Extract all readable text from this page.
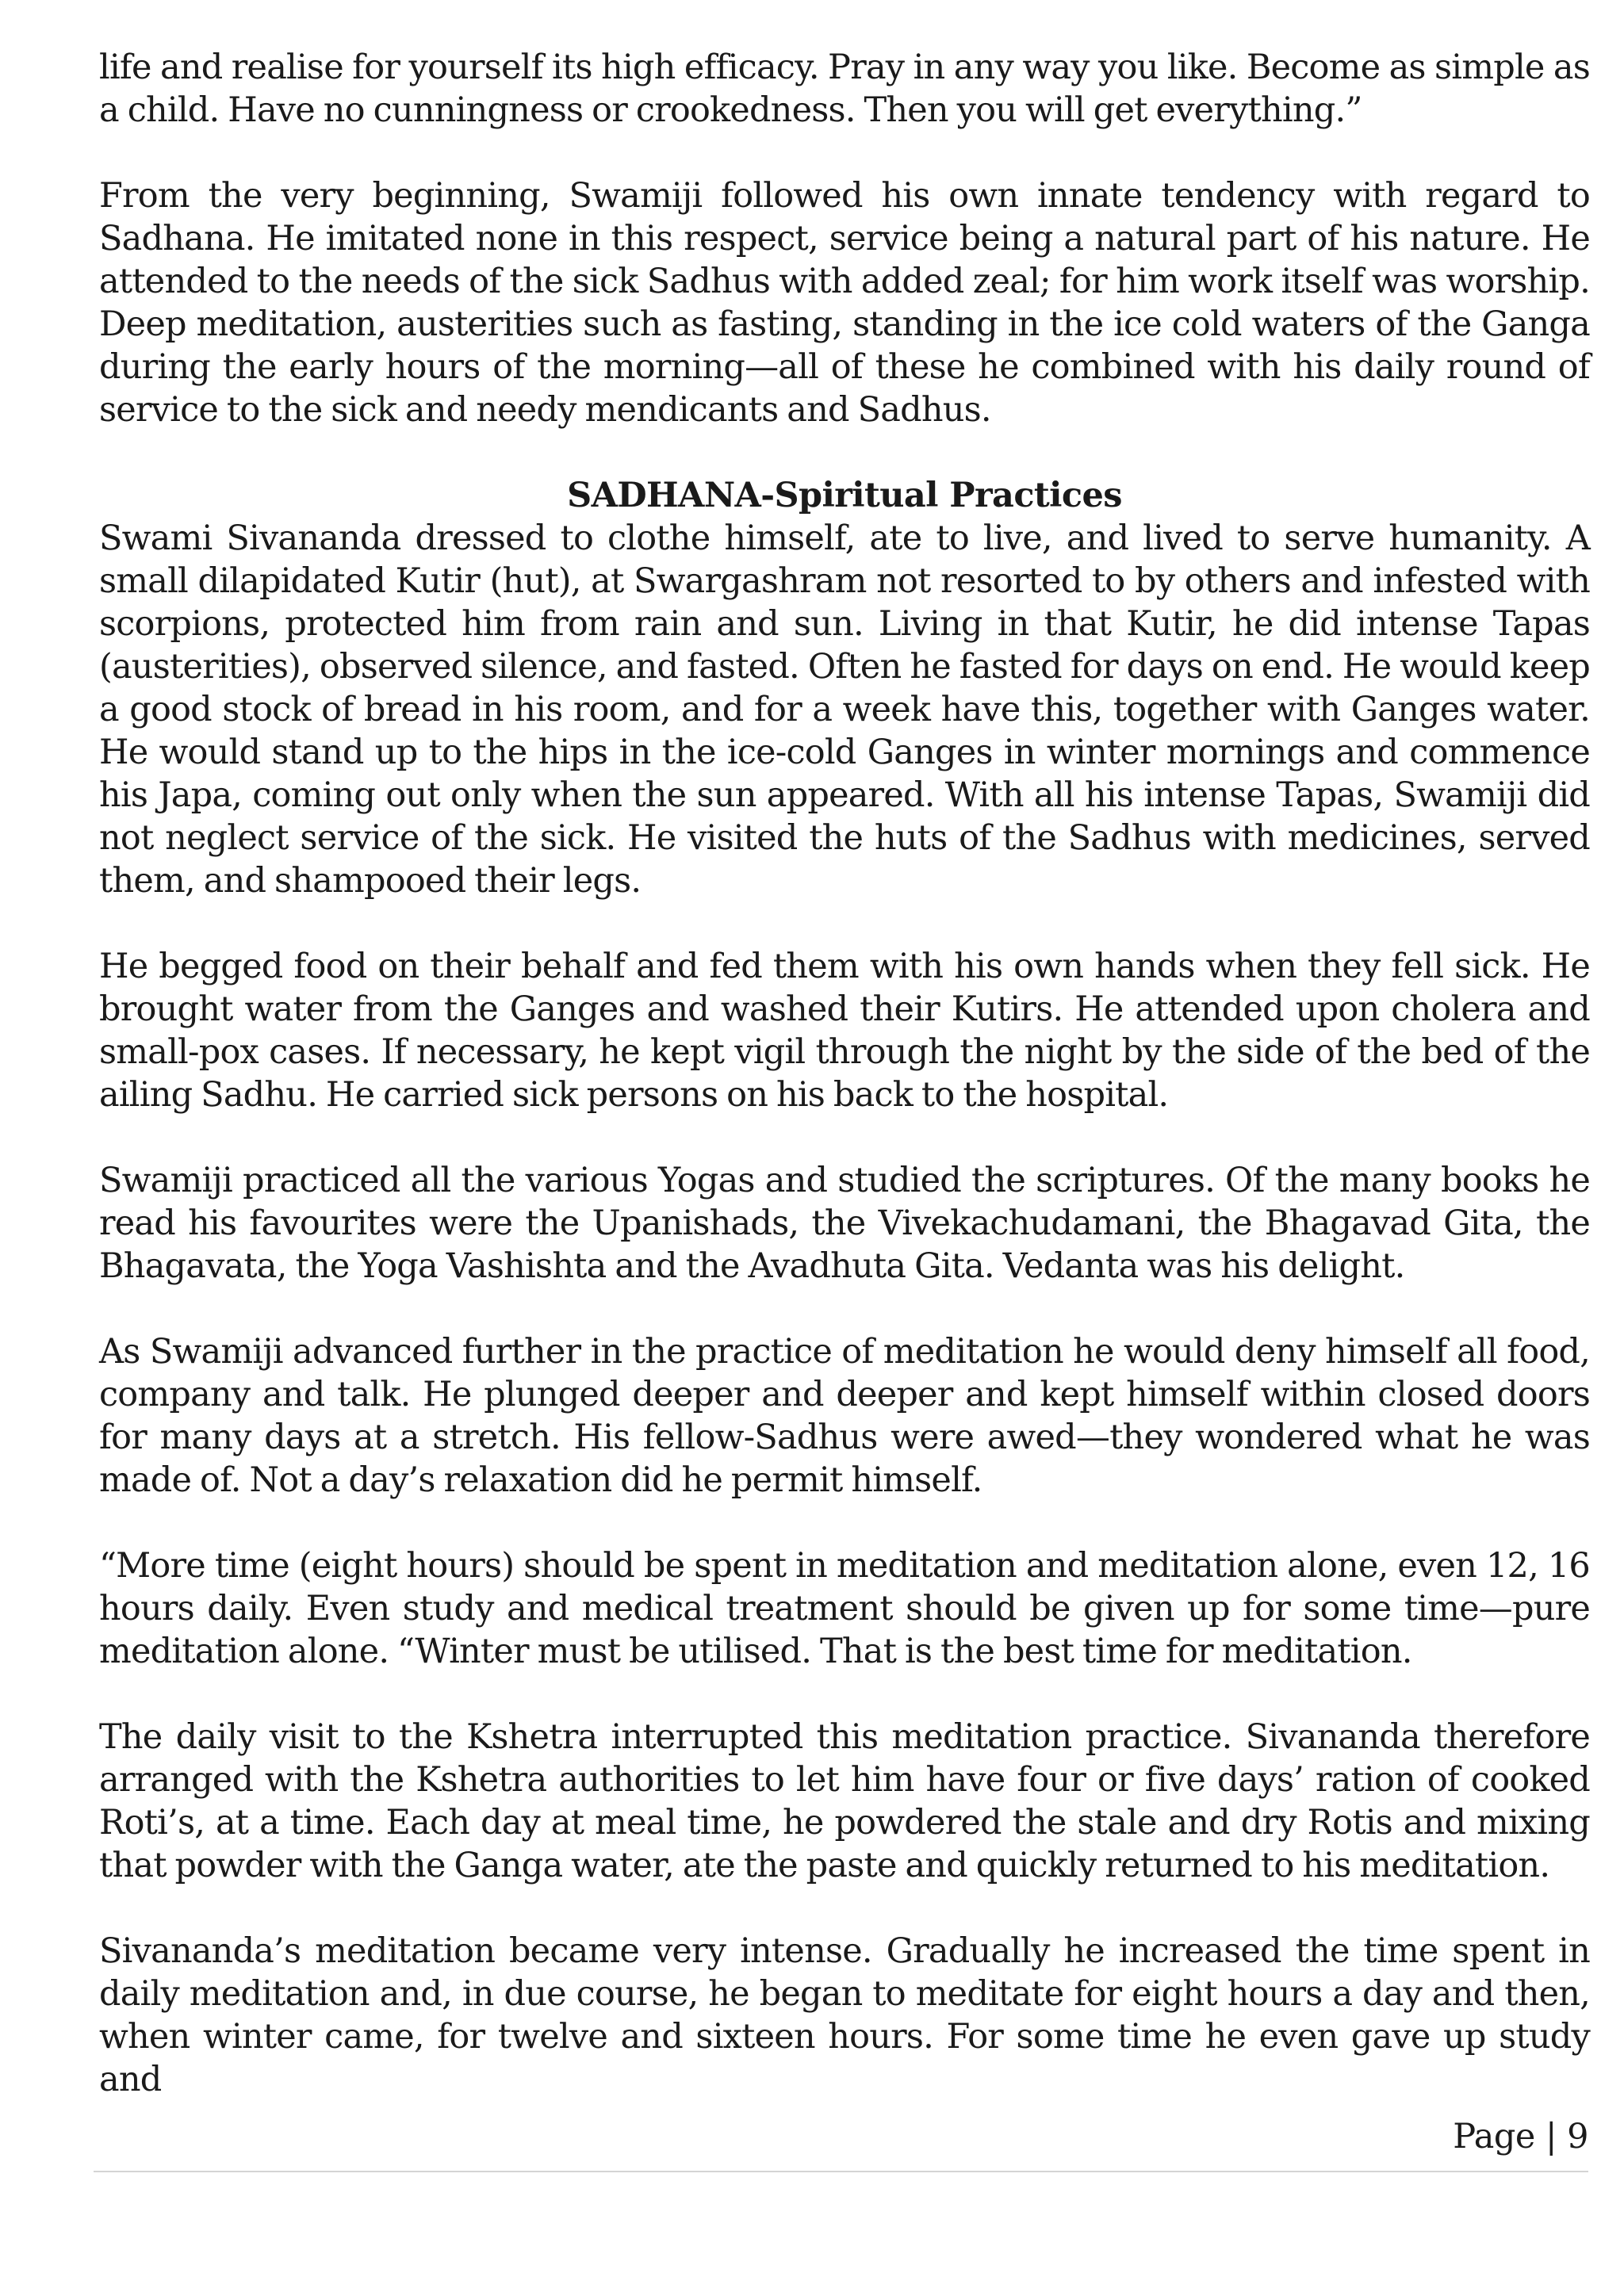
life and realise for yourself its high efficacy. Pray in any way you like. Become as simple as a child. Have no cunningness or crookedness. Then you will get everything.”

From the very beginning, Swamiji followed his own innate tendency with regard to Sadhana. He imitated none in this respect, service being a natural part of his nature. He attended to the needs of the sick Sadhus with added zeal; for him work itself was worship. Deep meditation, austerities such as fasting, standing in the ice cold waters of the Ganga during the early hours of the morning—all of these he combined with his daily round of service to the sick and needy mendicants and Sadhus.

SADHANA-Spiritual Practices

Swami Sivananda dressed to clothe himself, ate to live, and lived to serve humanity. A small dilapidated Kutir (hut), at Swargashram not resorted to by others and infested with scorpions, protected him from rain and sun. Living in that Kutir, he did intense Tapas (austerities), observed silence, and fasted. Often he fasted for days on end. He would keep a good stock of bread in his room, and for a week have this, together with Ganges water. He would stand up to the hips in the ice-cold Ganges in winter mornings and commence his Japa, coming out only when the sun appeared. With all his intense Tapas, Swamiji did not neglect service of the sick. He visited the huts of the Sadhus with medicines, served them, and shampooed their legs.

He begged food on their behalf and fed them with his own hands when they fell sick. He brought water from the Ganges and washed their Kutirs. He attended upon cholera and small-pox cases. If necessary, he kept vigil through the night by the side of the bed of the ailing Sadhu. He carried sick persons on his back to the hospital.

Swamiji practiced all the various Yogas and studied the scriptures. Of the many books he read his favourites were the Upanishads, the Vivekachudamani, the Bhagavad Gita, the Bhagavata, the Yoga Vashishta and the Avadhuta Gita. Vedanta was his delight.

As Swamiji advanced further in the practice of meditation he would deny himself all food, company and talk. He plunged deeper and deeper and kept himself within closed doors for many days at a stretch. His fellow-Sadhus were awed—they wondered what he was made of. Not a day’s relaxation did he permit himself.

“More time (eight hours) should be spent in meditation and meditation alone, even 12, 16 hours daily. Even study and medical treatment should be given up for some time—pure meditation alone. “Winter must be utilised. That is the best time for meditation.

The daily visit to the Kshetra interrupted this meditation practice. Sivananda therefore arranged with the Kshetra authorities to let him have four or five days’ ration of cooked Roti’s, at a time. Each day at meal time, he powdered the stale and dry Rotis and mixing that powder with the Ganga water, ate the paste and quickly returned to his meditation.

Sivananda’s meditation became very intense. Gradually he increased the time spent in daily meditation and, in due course, he began to meditate for eight hours a day and then, when winter came, for twelve and sixteen hours. For some time he even gave up study and

Page | 9
